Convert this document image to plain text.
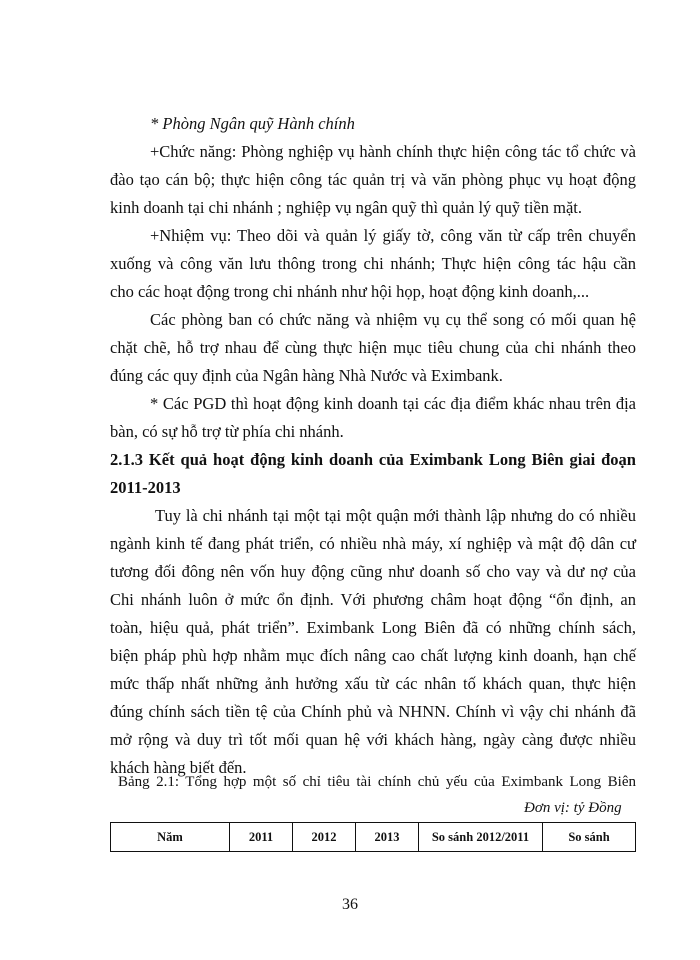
* Phòng Ngân quỹ Hành chính
+Chức năng: Phòng nghiệp vụ hành chính thực hiện công tác tổ chức và
đào tạo cán bộ; thực hiện công tác quản trị và văn phòng phục vụ hoạt động
kinh doanh tại chi nhánh ; nghiệp vụ ngân quỹ thì quản lý quỹ tiền mặt.
+Nhiệm vụ: Theo dõi và quản lý giấy tờ, công văn từ cấp trên chuyển
xuống và công văn lưu thông trong chi nhánh; Thực hiện công tác hậu cần
cho các hoạt động trong chi nhánh như hội họp, hoạt động kinh doanh,...
Các phòng ban có chức năng và nhiệm vụ cụ thể song có mối quan hệ
chặt chẽ, hỗ trợ nhau để cùng thực hiện mục tiêu chung của chi nhánh theo
đúng các quy định của Ngân hàng Nhà Nước và Eximbank.
* Các PGD thì hoạt động kinh doanh tại các địa điểm khác nhau trên địa
bàn, có sự hỗ trợ từ phía chi nhánh.
2.1.3 Kết quả hoạt động kinh doanh của Eximbank Long Biên giai đoạn
2011-2013
Tuy là chi nhánh tại một tại một quận mới thành lập nhưng do có nhiều
ngành kinh tế đang phát triển, có nhiều nhà máy, xí nghiệp và mật độ dân cư
tương đối đông nên vốn huy động cũng như doanh số cho vay và dư nợ của
Chi nhánh luôn ở mức ổn định. Với phương châm hoạt động “ổn định, an
toàn, hiệu quả, phát triển”. Eximbank Long Biên đã có những chính sách,
biện pháp phù hợp nhằm mục đích nâng cao chất lượng kinh doanh, hạn chế
mức thấp nhất những ảnh hưởng xấu từ các nhân tố khách quan, thực hiện
đúng chính sách tiền tệ của Chính phủ và NHNN. Chính vì vậy chi nhánh đã
mở rộng và duy trì tốt mối quan hệ với khách hàng, ngày càng được nhiều
khách hàng biết đến.
Bảng 2.1: Tổng hợp một số chỉ tiêu tài chính chủ yếu của Eximbank Long Biên
Đơn vị: tỷ Đồng
Năm	2011	2012	2013	So sánh 2012/2011	So sánh
36
